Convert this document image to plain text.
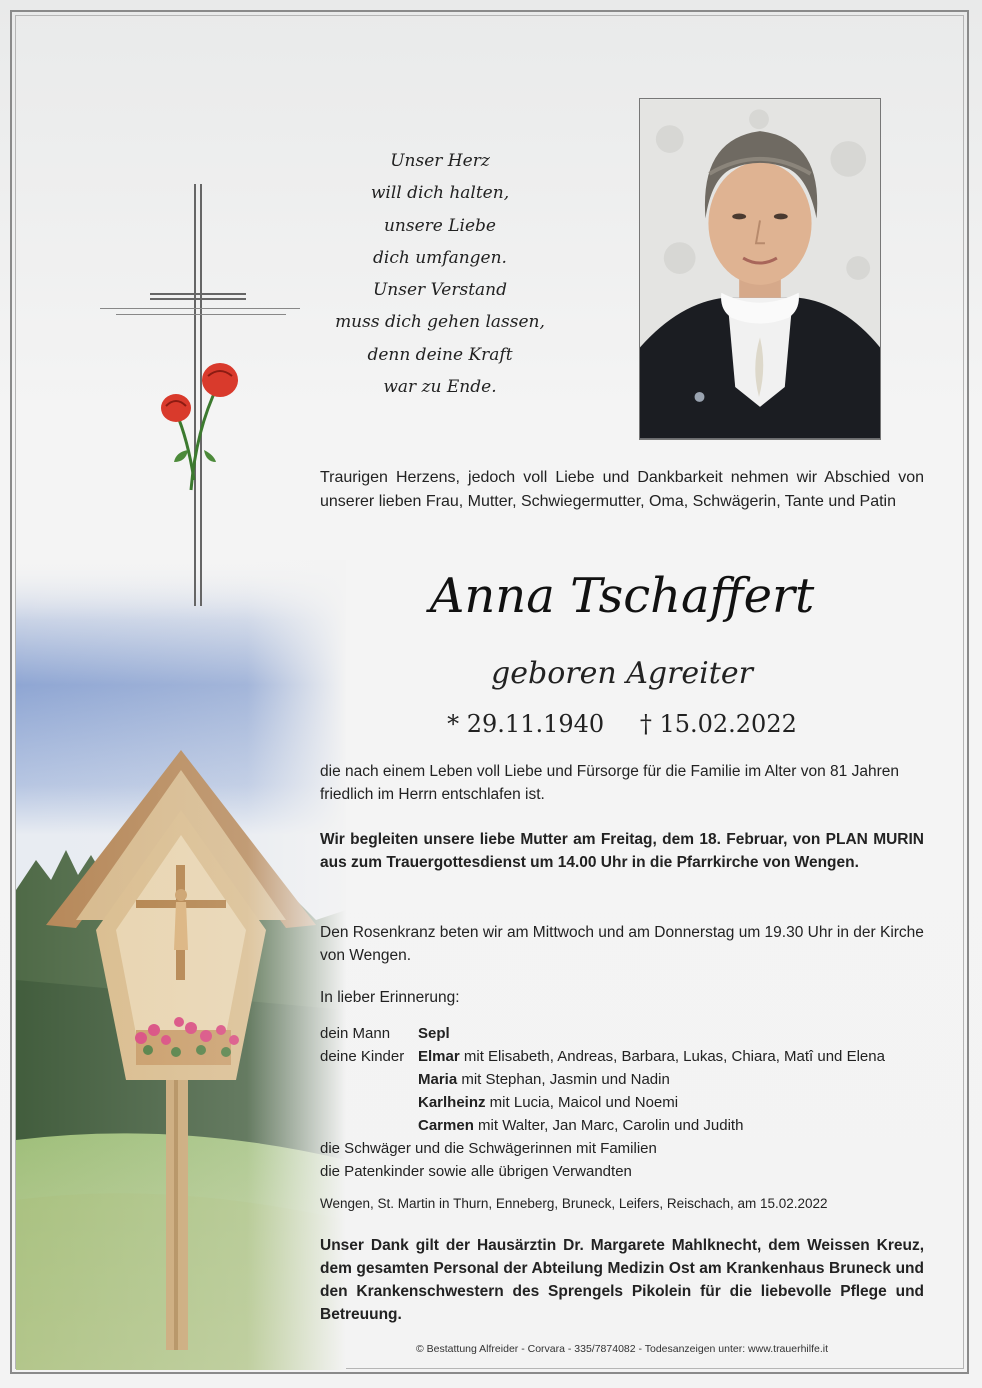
Unser Herz
will dich halten,
unsere Liebe
dich umfangen.
Unser Verstand
muss dich gehen lassen,
denn deine Kraft
war zu Ende.
Traurigen Herzens, jedoch voll Liebe und Dankbarkeit nehmen wir Abschied von unserer lieben Frau, Mutter, Schwiegermutter, Oma, Schwägerin, Tante und Patin
Anna Tschaffert
geboren Agreiter
* 29.11.1940 † 15.02.2022
die nach einem Leben voll Liebe und Fürsorge für die Familie im Alter von 81 Jahren friedlich im Herrn entschlafen ist.
Wir begleiten unsere liebe Mutter am Freitag, dem 18. Februar, von PLAN MURIN aus zum Trauergottesdienst um 14.00 Uhr in die Pfarrkirche von Wengen.
Den Rosenkranz beten wir am Mittwoch und am Donnerstag um 19.30 Uhr in der Kirche von Wengen.
In lieber Erinnerung:
dein Mann Sepl
deine Kinder Elmar mit Elisabeth, Andreas, Barbara, Lukas, Chiara, Matî und Elena
Maria mit Stephan, Jasmin und Nadin
Karlheinz mit Lucia, Maicol und Noemi
Carmen mit Walter, Jan Marc, Carolin und Judith
die Schwäger und die Schwägerinnen mit Familien
die Patenkinder sowie alle übrigen Verwandten
Wengen, St. Martin in Thurn, Enneberg, Bruneck, Leifers, Reischach, am 15.02.2022
Unser Dank gilt der Hausärztin Dr. Margarete Mahlknecht, dem Weissen Kreuz, dem gesamten Personal der Abteilung Medizin Ost am Krankenhaus Bruneck und den Krankenschwestern des Sprengels Pikolein für die liebevolle Pflege und Betreuung.
© Bestattung Alfreider - Corvara - 335/7874082 - Todesanzeigen unter: www.trauerhilfe.it
